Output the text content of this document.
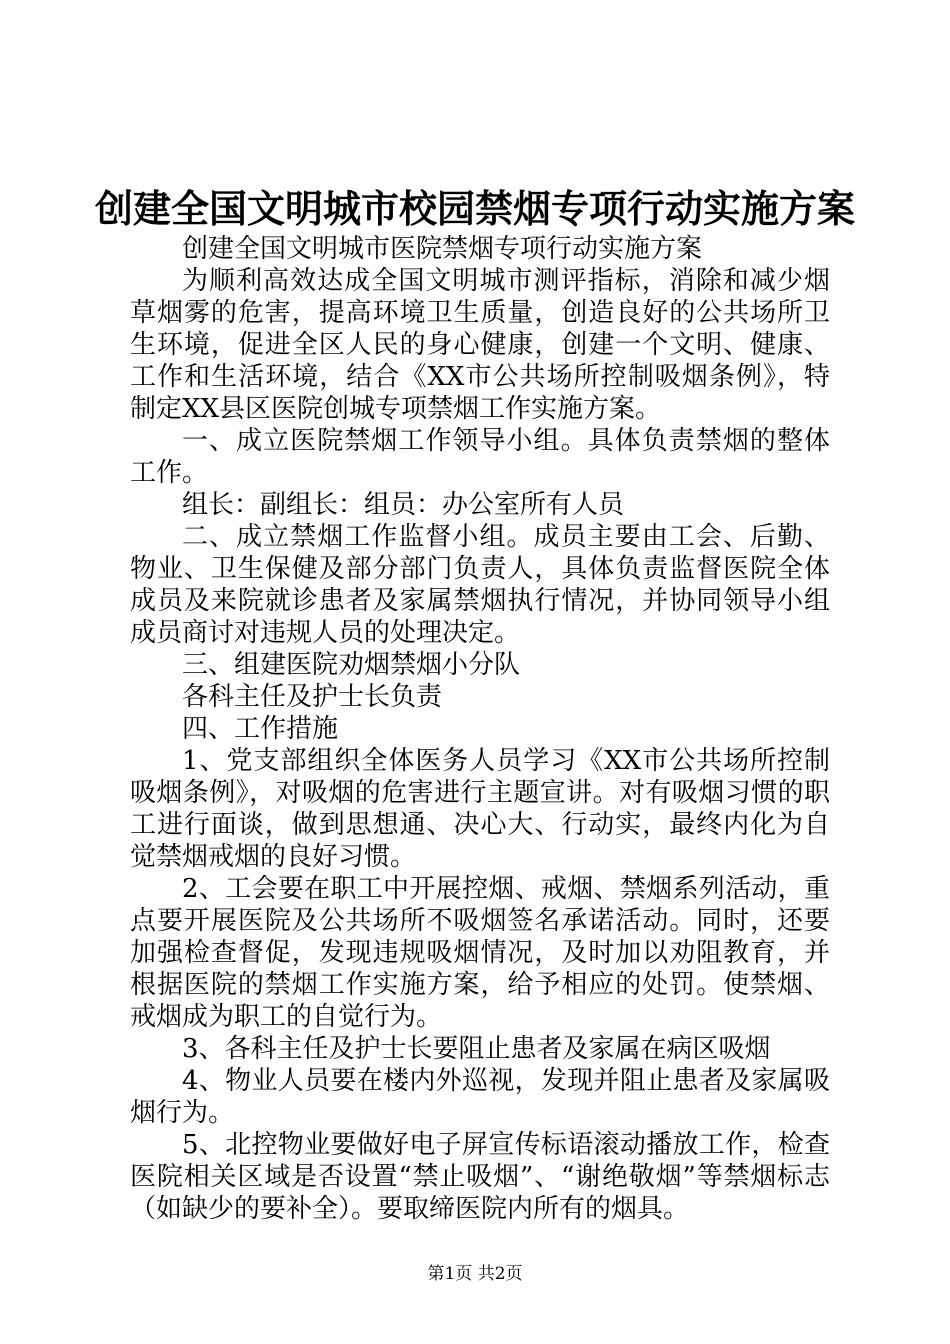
创建全国文明城市校园禁烟专项行动实施方案

创建全国文明城市医院禁烟专项行动实施方案

为顺利高效达成全国文明城市测评指标，消除和减少烟草烟雾的危害，提高环境卫生质量，创造良好的公共场所卫生环境，促进全区人民的身心健康，创建一个文明、健康、工作和生活环境，结合《XX市公共场所控制吸烟条例》，特制定XX县区医院创城专项禁烟工作实施方案。

一、成立医院禁烟工作领导小组。具体负责禁烟的整体工作。

组长：副组长：组员：办公室所有人员

二、成立禁烟工作监督小组。成员主要由工会、后勤、物业、卫生保健及部分部门负责人，具体负责监督医院全体成员及来院就诊患者及家属禁烟执行情况，并协同领导小组成员商讨对违规人员的处理决定。

三、组建医院劝烟禁烟小分队

各科主任及护士长负责

四、工作措施

1、党支部组织全体医务人员学习《XX市公共场所控制吸烟条例》，对吸烟的危害进行主题宣讲。对有吸烟习惯的职工进行面谈，做到思想通、决心大、行动实，最终内化为自觉禁烟戒烟的良好习惯。

2、工会要在职工中开展控烟、戒烟、禁烟系列活动，重点要开展医院及公共场所不吸烟签名承诺活动。同时，还要加强检查督促，发现违规吸烟情况，及时加以劝阻教育，并根据医院的禁烟工作实施方案，给予相应的处罚。使禁烟、戒烟成为职工的自觉行为。

3、各科主任及护士长要阻止患者及家属在病区吸烟

4、物业人员要在楼内外巡视，发现并阻止患者及家属吸烟行为。

5、北控物业要做好电子屏宣传标语滚动播放工作，检查医院相关区域是否设置“禁止吸烟”、“谢绝敬烟”等禁烟标志（如缺少的要补全）。要取缔医院内所有的烟具。

第1页 共2页
